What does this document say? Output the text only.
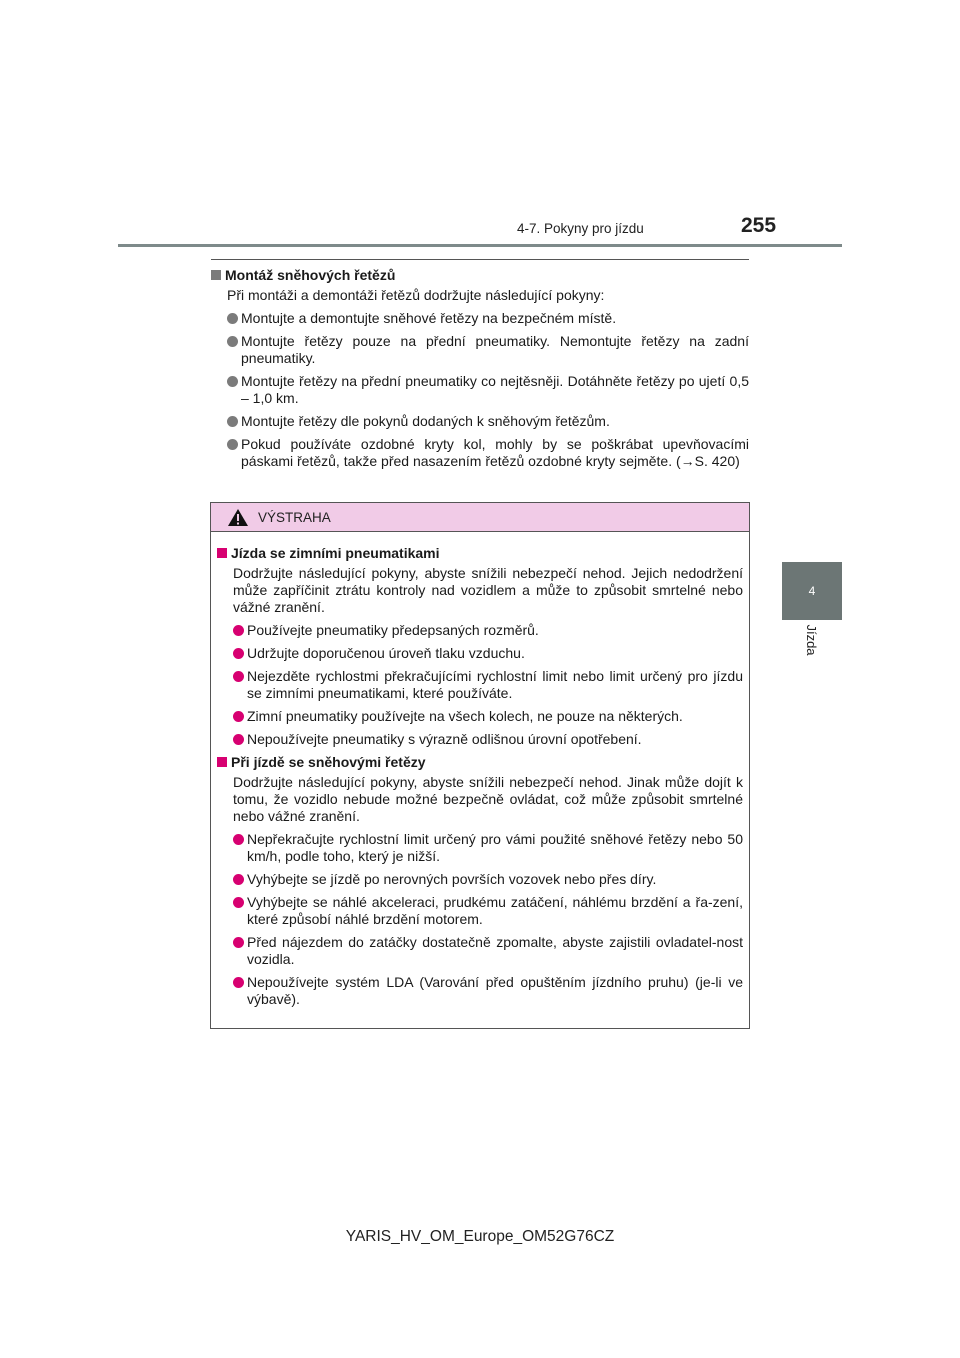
4-7. Pokyny pro jízdu	255
4
Jízda
Montáž sněhových řetězů
Při montáži a demontáži řetězů dodržujte následující pokyny:
Montujte a demontujte sněhové řetězy na bezpečném místě.
Montujte řetězy pouze na přední pneumatiky. Nemontujte řetězy na zadní pneumatiky.
Montujte řetězy na přední pneumatiky co nejtěsněji. Dotáhněte řetězy po ujetí 0,5 – 1,0 km.
Montujte řetězy dle pokynů dodaných k sněhovým řetězům.
Pokud používáte ozdobné kryty kol, mohly by se poškrábat upevňovacími páskami řetězů, takže před nasazením řetězů ozdobné kryty sejměte. (→S. 420)
VÝSTRAHA
Jízda se zimními pneumatikami
Dodržujte následující pokyny, abyste snížili nebezpečí nehod. Jejich nedodržení může zapříčinit ztrátu kontroly nad vozidlem a může to způsobit smrtelné nebo vážné zranění.
Používejte pneumatiky předepsaných rozměrů.
Udržujte doporučenou úroveň tlaku vzduchu.
Nejezděte rychlostmi překračujícími rychlostní limit nebo limit určený pro jízdu se zimními pneumatikami, které používáte.
Zimní pneumatiky používejte na všech kolech, ne pouze na některých.
Nepoužívejte pneumatiky s výrazně odlišnou úrovní opotřebení.
Při jízdě se sněhovými řetězy
Dodržujte následující pokyny, abyste snížili nebezpečí nehod. Jinak může dojít k tomu, že vozidlo nebude možné bezpečně ovládat, což může způsobit smrtelné nebo vážné zranění.
Nepřekračujte rychlostní limit určený pro vámi použité sněhové řetězy nebo 50 km/h, podle toho, který je nižší.
Vyhýbejte se jízdě po nerovných površích vozovek nebo přes díry.
Vyhýbejte se náhlé akceleraci, prudkému zatáčení, náhlému brzdění a řa-zení, které způsobí náhlé brzdění motorem.
Před nájezdem do zatáčky dostatečně zpomalte, abyste zajistili ovladatel-nost vozidla.
Nepoužívejte systém LDA (Varování před opuštěním jízdního pruhu) (je-li ve výbavě).
YARIS_HV_OM_Europe_OM52G76CZ
